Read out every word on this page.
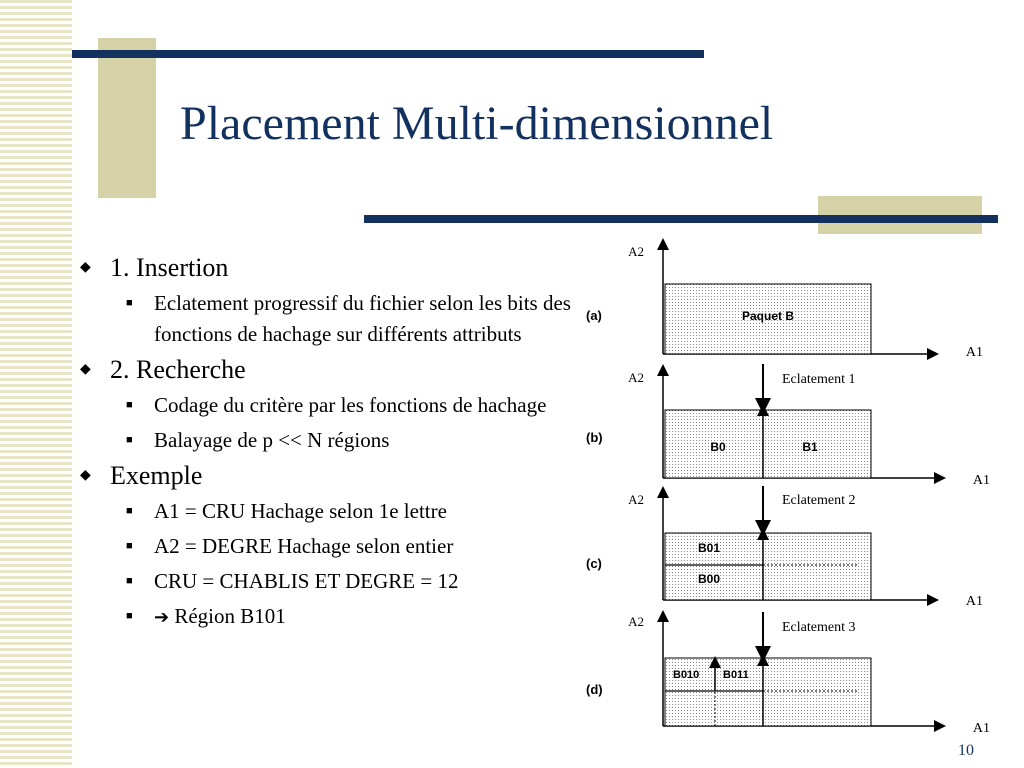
Placement Multi-dimensionnel
◆ 1. Insertion
■ Eclatement progressif du fichier selon les bits des fonctions de hachage sur différents attributs
◆ 2. Recherche
■ Codage du critère par les fonctions de hachage
■ Balayage de p << N régions
◆ Exemple
■ A1 = CRU Hachage selon 1e lettre
■ A2 = DEGRE Hachage selon entier
■ CRU = CHABLIS ET DEGRE = 12
■ ➔ Région B101
A2
A1
(a)	Paquet B
Eclatement 1
A2
A1
(b)
B0	B1
Eclatement 2
A2
A1
(c)
B01
B00
Eclatement 3
A2
A1
(d)
B010 B011
10
